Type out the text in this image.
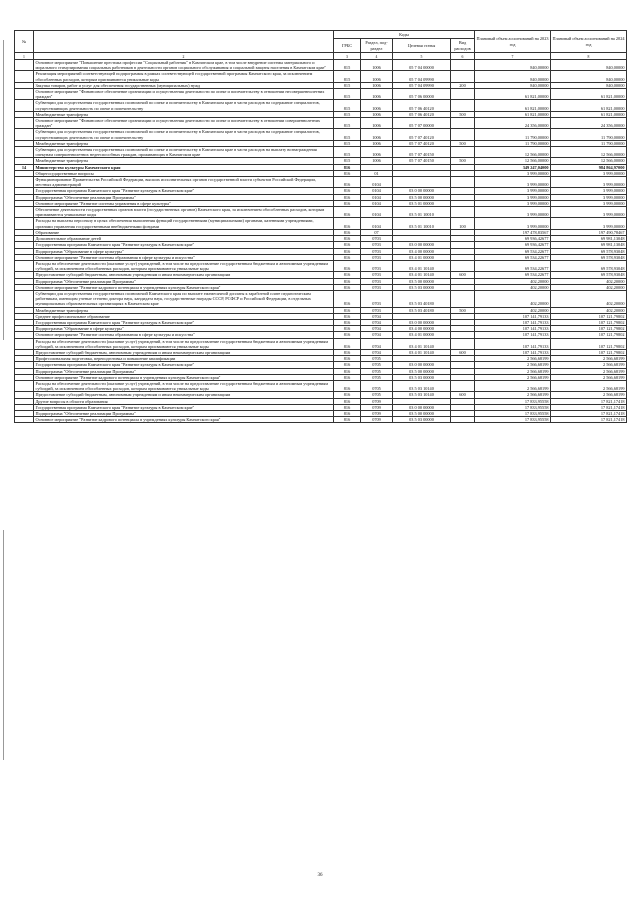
№		Коды				Плановый объем ассигнований на 2023 год	Плановый объем ассигнований на 2024 год
		ГРБС	Раздел, под-раздел	Целевая статья	Вид расходов		
1	2	3	4	5	6	7	8
	Основное мероприятие "Повышение престижа профессии "Социальный работник" в Камчатском крае, в том числе внедрение системы материального и морального стимулирования социальных работников в деятельности органов социального обслуживания и социальной защиты населения в Камчатском крае"	815	1006	05 7 04 00000		840,00000	840,00000
	Реализация мероприятий соответствующей подпрограммы в рамках соответствующей государственной программы Камчатского края, за исключением обособленных расходов, которым присваиваются уникальные коды	815	1006	05 7 04 09990		840,00000	840,00000
	Закупка товаров, работ и услуг для обеспечения государственных (муниципальных) нужд	815	1006	05 7 04 09990	200	840,00000	840,00000
	Основное мероприятие "Финансовое обеспечение организации и осуществления деятельности по опеке и попечительству в отношении несовершеннолетних граждан"	815	1006	05 7 06 00000		61 821,00000	61 821,00000
	Субвенции для осуществления государственных полномочий по опеке и попечительству в Камчатском крае в части расходов на содержание специалистов, осуществляющих деятельность по опеке и попечительству	815	1006	05 7 06 40120		61 821,00000	61 821,00000
	Межбюджетные трансферты	815	1006	05 7 06 40120	500	61 821,00000	61 821,00000
	Основное мероприятие "Финансовое обеспечение организации и осуществления деятельности по опеке и попечительству в отношении совершеннолетних граждан"	815	1006	05 7 07 00000		24 356,00000	24 356,00000
	Субвенции для осуществления государственных полномочий по опеке и попечительству в Камчатском крае в части расходов на содержание специалистов, осуществляющих деятельность по опеке и попечительству	815	1006	05 7 07 40120		11 790,00000	11 790,00000
	Межбюджетные трансферты	815	1006	05 7 07 40120	500	11 790,00000	11 790,00000
	Субвенции для осуществления государственных полномочий по опеке и попечительству в Камчатском крае в части расходов на выплату вознаграждения опекунам совершеннолетних недееспособных граждан, проживающих в Камчатском крае	815	1006	05 7 07 40150		12 566,00000	12 566,00000
	Межбюджетные трансферты	815	1006	05 7 07 40150	500	12 566,00000	12 566,00000
14	Министерство культуры Камчатского края	816				349 247,04000	984 864,97000
	Общегосударственные вопросы	816	01			3 999,00000	3 999,00000
	Функционирование Правительства Российской Федерации, высших исполнительных органов государственной власти субъектов Российской Федерации, местных администраций	816	0104			3 999,00000	3 999,00000
	Государственная программа Камчатского края "Развитие культуры в Камчатском крае"	816	0104	03 0 00 00000		3 999,00000	3 999,00000
	Подпрограмма "Обеспечение реализации Программы"	816	0104	03 5 00 00000		3 999,00000	3 999,00000
	Основное мероприятие "Развитие системы управления в сфере культуры"	816	0104	03 5 01 00000		3 999,00000	3 999,00000
	Обеспечение деятельности государственных органов власти (государственных органов) Камчатского края, за исключением обособленных расходов, которым присваиваются уникальные коды	816	0104	03 5 01 10010		3 999,00000	3 999,00000
	Расходы на выплаты персоналу в целях обеспечения выполнения функций государственными (муниципальными) органами, казенными учреждениями, органами управления государственными внебюджетными фондами	816	0104	03 5 01 10010	100	3 999,00000	3 999,00000
	Образование	816	07			197 478,83567	197 490,78467
	Дополнительное образование детей	816	0703			69 936,42677	69 981,13048
	Государственная программа Камчатского края "Развитие культуры в Камчатском крае"	816	0703	03 0 00 00000		69 936,42677	69 981,13048
	Подпрограмма "Образование в сфере культуры"	816	0703	03 4 00 00000		69 534,22677	69 578,93048
	Основное мероприятие "Развитие системы образования в сфере культуры и искусства"	816	0703	03 4 01 00000		69 534,22677	69 578,93048
	Расходы на обеспечение деятельности (оказание услуг) учреждений, в том числе на предоставление государственным бюджетным и автономным учреждениям субсидий, за исключением обособленных расходов, которым присваиваются уникальные коды	816	0703	03 4 01 10140		69 534,22677	69 578,93048
	Предоставление субсидий бюджетным, автономным учреждениям и иным некоммерческим организациям	816	0703	03 4 01 10140	600	69 534,22677	69 578,93048
	Подпрограмма "Обеспечение реализации Программы"	816	0703	03 5 00 00000		402,20000	402,20000
	Основное мероприятие "Развитие кадрового потенциала в учреждениях культуры Камчатского края"	816	0703	03 5 03 00000		402,20000	402,20000
	Субвенции для осуществления государственных полномочий Камчатского края по выплате ежемесячной доплаты к заработной плате педагогическим работникам, имеющим ученые степени доктора наук, кандидата наук, государственные награды СССР, РСФСР и Российской Федерации, в отдельных муниципальных образовательных организациях в Камчатском крае	816	0703	03 5 03 40180		402,20000	402,20000
	Межбюджетные трансферты	816	0703	03 5 03 40180	500	402,20000	402,20000
	Среднее профессиональное образование	816	0704			107 141,79133	107 121,79802
	Государственная программа Камчатского края "Развитие культуры в Камчатском крае"	816	0704	03 0 00 00000		107 141,79133	107 121,79802
	Подпрограмма "Образование в сфере культуры"	816	0704	03 4 00 00000		107 141,79133	107 121,79802
	Основное мероприятие "Развитие системы образования в сфере культуры и искусства"	816	0704	03 4 01 00000		107 141,79133	107 121,79802
	Расходы на обеспечение деятельности (оказание услуг) учреждений, в том числе на предоставление государственным бюджетным и автономным учреждениям субсидий, за исключением обособленных расходов, которым присваиваются уникальные коды	816	0704	03 4 01 10140		107 141,79133	107 121,79802
	Предоставление субсидий бюджетным, автономным учреждениям и иным некоммерческим организациям	816	0704	03 4 01 10140	600	107 141,79133	107 121,79802
	Профессиональная подготовка, переподготовка и повышение квалификации	816	0705			2 566,68199	2 566,68199
	Государственная программа Камчатского края "Развитие культуры в Камчатском крае"	816	0705	03 0 00 00000		2 566,68199	2 566,68199
	Подпрограмма "Обеспечение реализации Программы"	816	0705	03 5 00 00000		2 566,68199	2 566,68199
	Основное мероприятие "Развитие кадрового потенциала в учреждениях культуры Камчатского края"	816	0705	03 5 03 00000		2 566,68199	2 566,68199
	Расходы на обеспечение деятельности (оказание услуг) учреждений, в том числе на предоставление государственным бюджетным и автономным учреждениям субсидий, за исключением обособленных расходов, которым присваиваются уникальные коды	816	0705	03 5 03 10140		2 566,68199	2 566,68199
	Предоставление субсидий бюджетным, автономным учреждениям и иным некоммерческим организациям	816	0705	03 5 03 10140	600	2 566,68199	2 566,68199
	Другие вопросы в области образования	816	0709			17 833,95558	17 821,17418
	Государственная программа Камчатского края "Развитие культуры в Камчатском крае"	816	0709	03 0 00 00000		17 833,95558	17 821,17418
	Подпрограмма "Обеспечение реализации Программы"	816	0709	03 5 00 00000		17 833,95558	17 821,17418
	Основное мероприятие "Развитие кадрового потенциала в учреждениях культуры Камчатского края"	816	0709	03 5 03 00000		17 833,95558	17 821,17418
36
